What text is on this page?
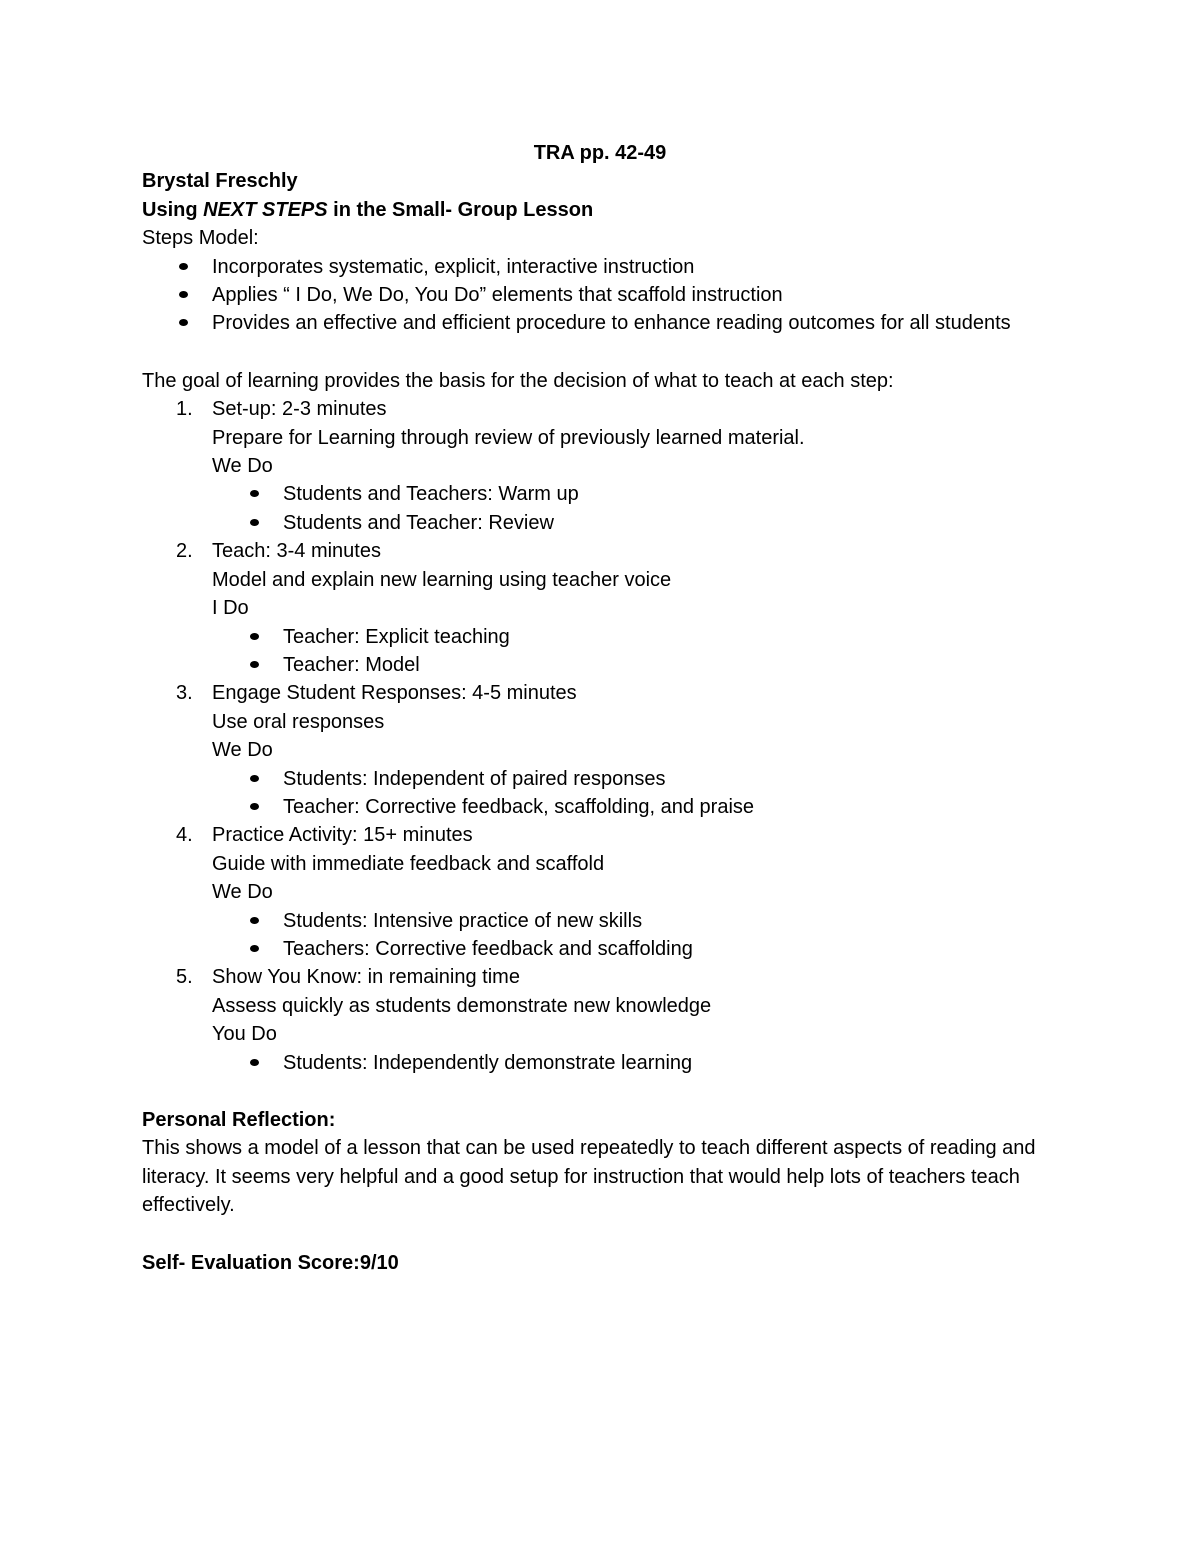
TRA pp. 42-49
Brystal Freschly
Using NEXT STEPS in the Small- Group Lesson
Steps Model:
Incorporates systematic, explicit, interactive instruction
Applies “ I Do, We Do, You Do” elements that scaffold instruction
Provides an effective and efficient procedure to enhance reading outcomes for all students
The goal of learning provides the basis for the decision of what to teach at each step:
1. Set-up: 2-3 minutes
Prepare for Learning through review of previously learned material.
We Do
Students and Teachers: Warm up
Students and Teacher: Review
2. Teach: 3-4 minutes
Model and explain new learning using teacher voice
I Do
Teacher: Explicit teaching
Teacher: Model
3. Engage Student Responses: 4-5 minutes
Use oral responses
We Do
Students: Independent of paired responses
Teacher: Corrective feedback, scaffolding, and praise
4. Practice Activity: 15+ minutes
Guide with immediate feedback and scaffold
We Do
Students: Intensive practice of new skills
Teachers: Corrective feedback and scaffolding
5. Show You Know: in remaining time
Assess quickly as students demonstrate new knowledge
You Do
Students: Independently demonstrate learning
Personal Reflection:
This shows a model of a lesson that can be used repeatedly to teach different aspects of reading and literacy. It seems very helpful and a good setup for instruction that would help lots of teachers teach effectively.
Self- Evaluation Score:9/10
